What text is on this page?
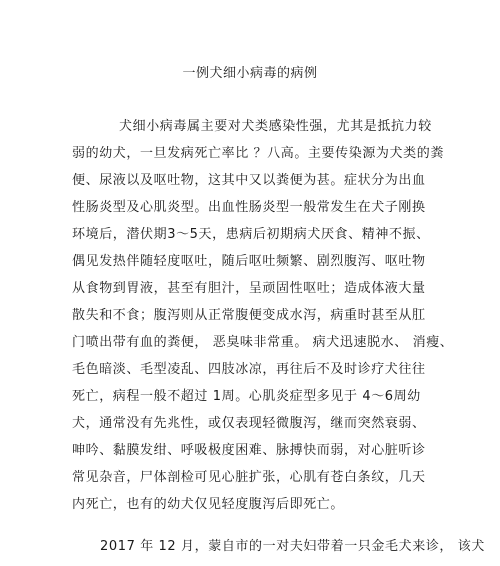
一例犬细小病毒的病例
犬细小病毒属主要对犬类感染性强，尤其是抵抗力较
弱的幼犬，一旦发病死亡率比 ？八高。主要传染源为犬类的粪
便、尿液以及呕吐物，这其中又以粪便为甚。症状分为出血
性肠炎型及心肌炎型。出血性肠炎型一般常发生在犬子刚换
环境后，潜伏期3～5天，患病后初期病犬厌食、精神不振、
偶见发热伴随轻度呕吐，随后呕吐频繁、剧烈腹泻、呕吐物
从食物到胃液，甚至有胆汁，呈顽固性呕吐；造成体液大量
散失和不食；腹泻则从正常腹便变成水泻，病重时甚至从肛
门喷出带有血的粪便， 恶臭味非常重。 病犬迅速脱水、 消瘦、
毛色暗淡、毛型凌乱、四肢冰凉，再往后不及时诊疗犬往往
死亡，病程一般不超过 1周。心肌炎症型多见于 4～6周幼
犬，通常没有先兆性，或仅表现轻微腹泻，继而突然衰弱、
呻吟、黏膜发绀、呼吸极度困难、脉搏快而弱，对心脏听诊
常见杂音，尸体剖检可见心脏扩张，心肌有苍白条纹，几天
内死亡，也有的幼犬仅见轻度腹泻后即死亡。
2017 年 12 月，蒙自市的一对夫妇带着一只金毛犬来诊， 该犬
